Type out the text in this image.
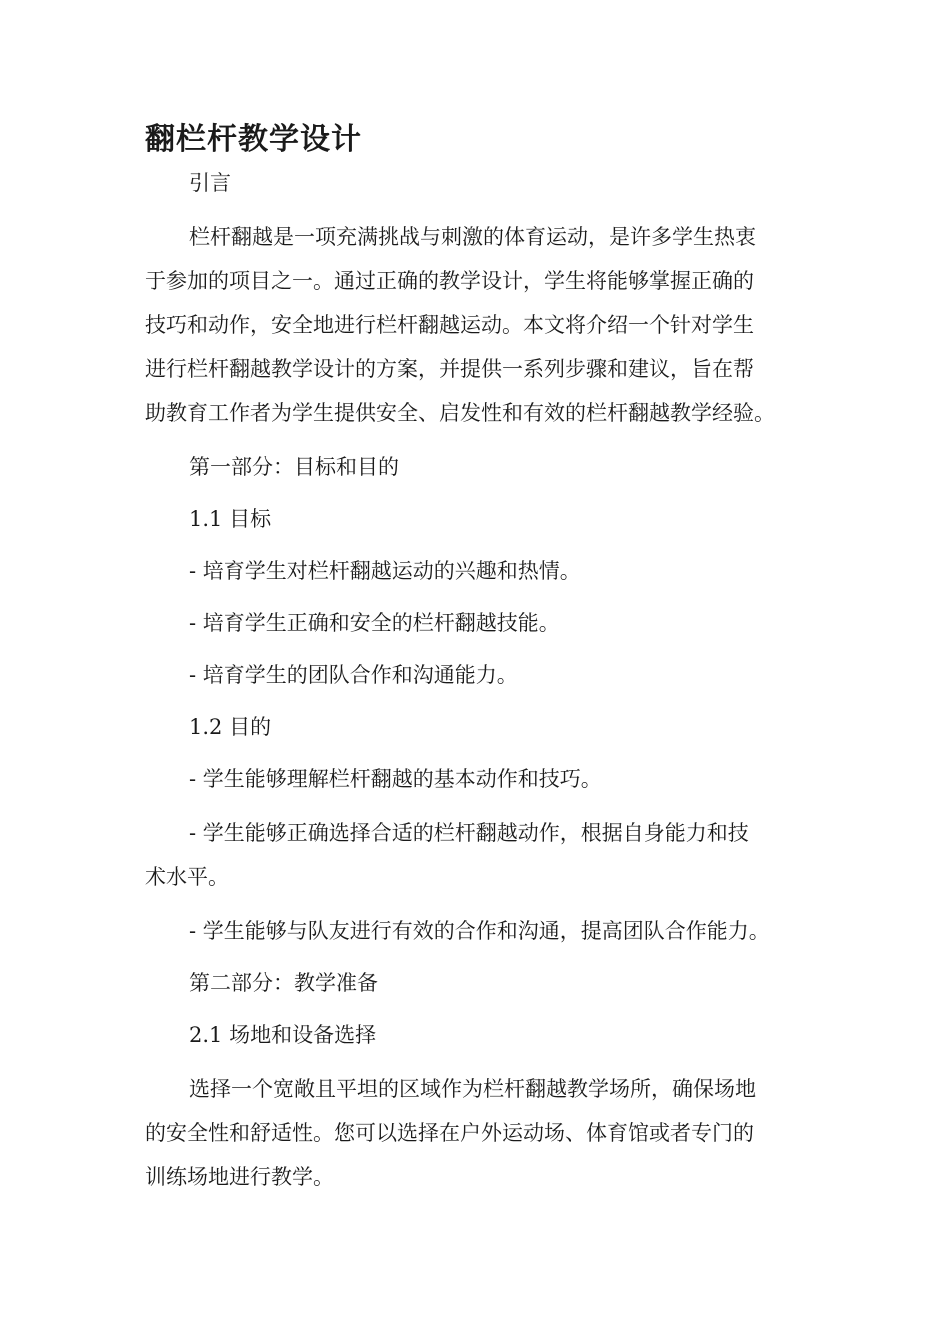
翻栏杆教学设计
引言
栏杆翻越是一项充满挑战与刺激的体育运动，是许多学生热衷
于参加的项目之一。通过正确的教学设计，学生将能够掌握正确的
技巧和动作，安全地进行栏杆翻越运动。本文将介绍一个针对学生
进行栏杆翻越教学设计的方案，并提供一系列步骤和建议，旨在帮
助教育工作者为学生提供安全、启发性和有效的栏杆翻越教学经验。
第一部分：目标和目的
1.1 目标
- 培育学生对栏杆翻越运动的兴趣和热情。
- 培育学生正确和安全的栏杆翻越技能。
- 培育学生的团队合作和沟通能力。
1.2 目的
- 学生能够理解栏杆翻越的基本动作和技巧。
- 学生能够正确选择合适的栏杆翻越动作，根据自身能力和技
术水平。
- 学生能够与队友进行有效的合作和沟通，提高团队合作能力。
第二部分：教学准备
2.1 场地和设备选择
选择一个宽敞且平坦的区域作为栏杆翻越教学场所，确保场地
的安全性和舒适性。您可以选择在户外运动场、体育馆或者专门的
训练场地进行教学。
